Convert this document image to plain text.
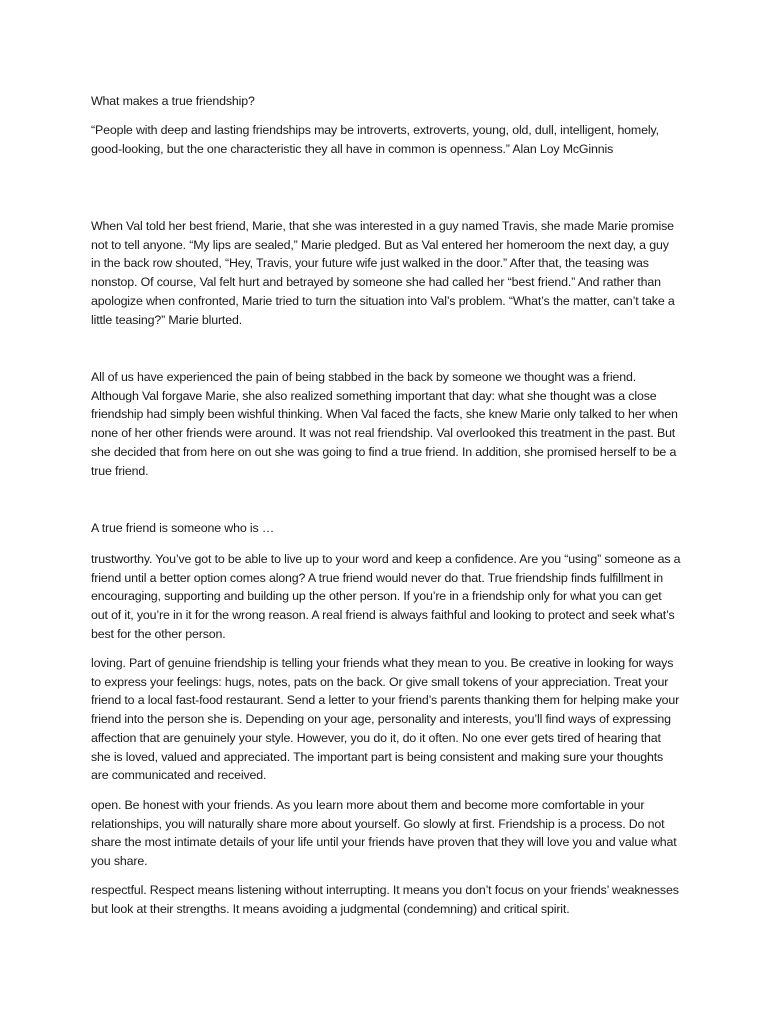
What makes a true friendship?

“People with deep and lasting friendships may be introverts, extroverts, young, old, dull, intelligent, homely, good-looking, but the one characteristic they all have in common is openness.” Alan Loy McGinnis

When Val told her best friend, Marie, that she was interested in a guy named Travis, she made Marie promise not to tell anyone. “My lips are sealed,” Marie pledged. But as Val entered her homeroom the next day, a guy in the back row shouted, “Hey, Travis, your future wife just walked in the door.” After that, the teasing was nonstop. Of course, Val felt hurt and betrayed by someone she had called her “best friend.” And rather than apologize when confronted, Marie tried to turn the situation into Val’s problem. “What’s the matter, can’t take a little teasing?” Marie blurted.

All of us have experienced the pain of being stabbed in the back by someone we thought was a friend. Although Val forgave Marie, she also realized something important that day: what she thought was a close friendship had simply been wishful thinking. When Val faced the facts, she knew Marie only talked to her when none of her other friends were around. It was not real friendship. Val overlooked this treatment in the past. But she decided that from here on out she was going to find a true friend. In addition, she promised herself to be a true friend.

A true friend is someone who is …

trustworthy. You’ve got to be able to live up to your word and keep a confidence. Are you “using” someone as a friend until a better option comes along? A true friend would never do that. True friendship finds fulfillment in encouraging, supporting and building up the other person. If you’re in a friendship only for what you can get out of it, you’re in it for the wrong reason. A real friend is always faithful and looking to protect and seek what’s best for the other person.

loving. Part of genuine friendship is telling your friends what they mean to you. Be creative in looking for ways to express your feelings: hugs, notes, pats on the back. Or give small tokens of your appreciation. Treat your friend to a local fast-food restaurant. Send a letter to your friend’s parents thanking them for helping make your friend into the person she is. Depending on your age, personality and interests, you’ll find ways of expressing affection that are genuinely your style. However, you do it, do it often. No one ever gets tired of hearing that she is loved, valued and appreciated. The important part is being consistent and making sure your thoughts are communicated and received.

open. Be honest with your friends. As you learn more about them and become more comfortable in your relationships, you will naturally share more about yourself. Go slowly at first. Friendship is a process. Do not share the most intimate details of your life until your friends have proven that they will love you and value what you share.

respectful. Respect means listening without interrupting. It means you don’t focus on your friends’ weaknesses but look at their strengths. It means avoiding a judgmental (condemning) and critical spirit.
